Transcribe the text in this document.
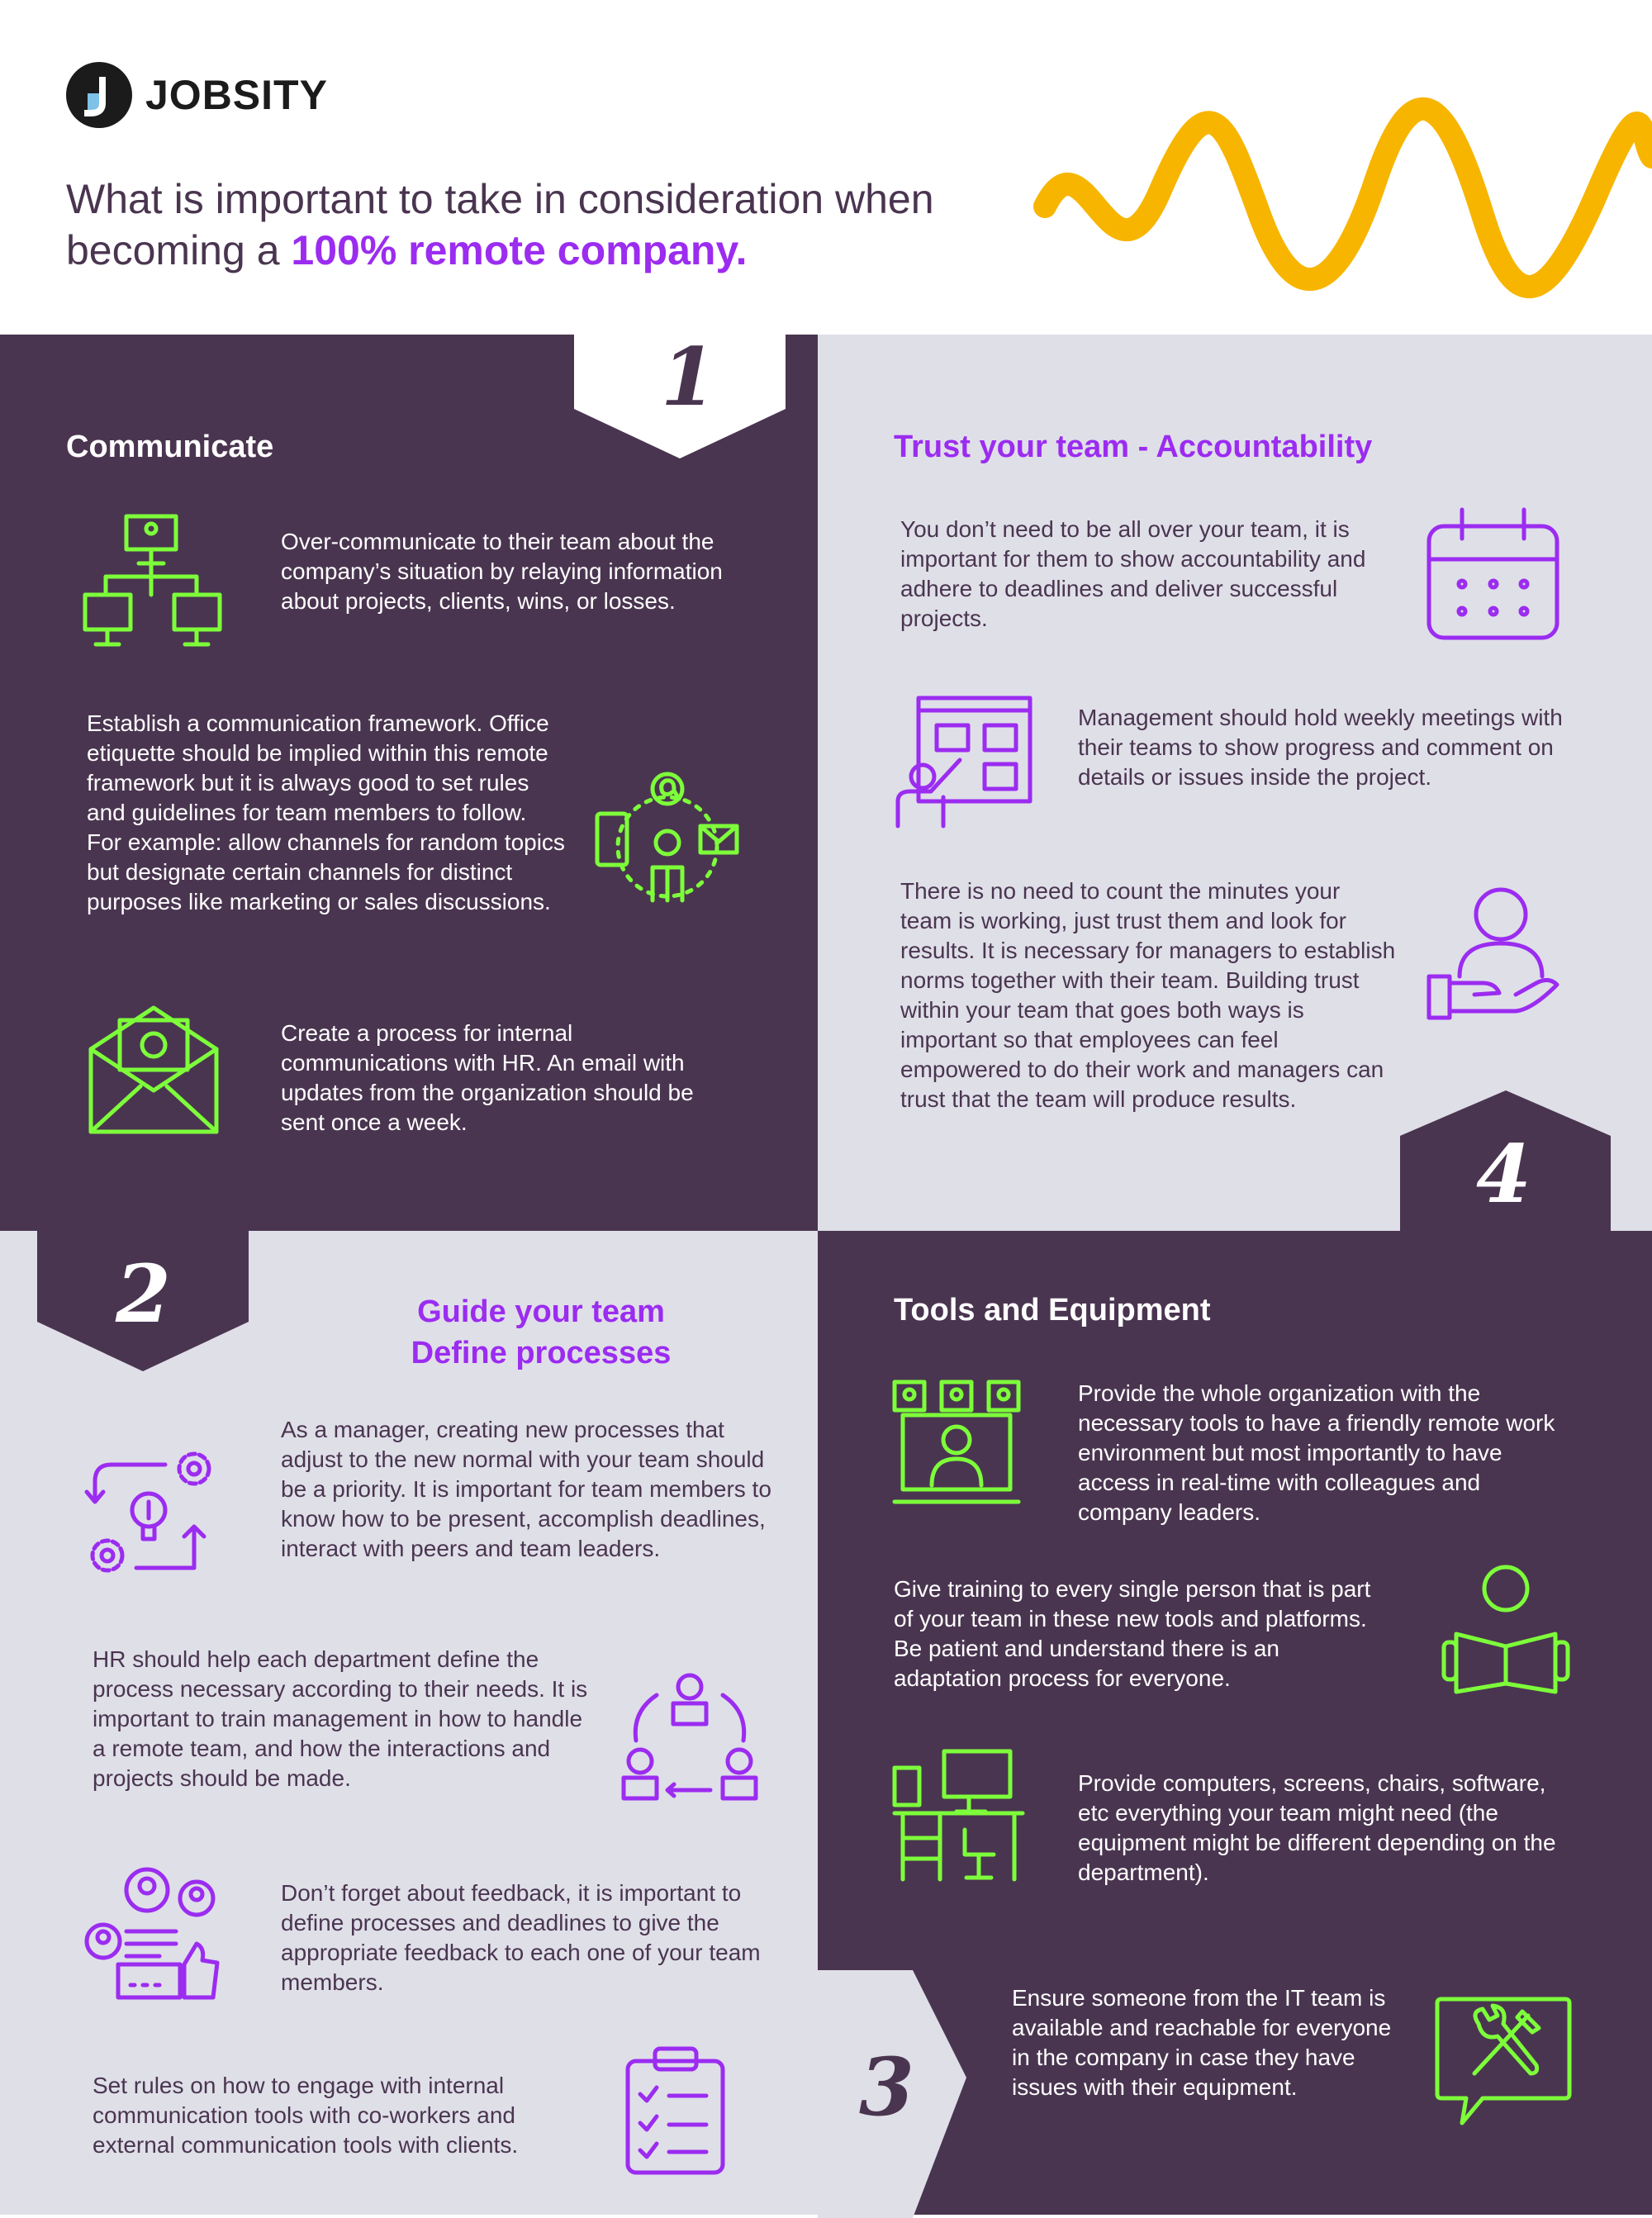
JOBSITY
What is important to take in consideration when
becoming a 100% remote company.
1
4
2
3
Communicate
Over-communicate to their team about the company’s situation by relaying information about projects, clients, wins, or losses.
Establish a communication framework. Office etiquette should be implied within this remote framework but it is always good to set rules and guidelines for team members to follow. For example: allow channels for random topics but designate certain channels for distinct purposes like marketing or sales discussions.
Create a process for internal communications with HR. An email with updates from the organization should be sent once a week.
Trust your team - Accountability
You don’t need to be all over your team, it is important for them to show accountability and adhere to deadlines and deliver successful projects.
Management should hold weekly meetings with their teams to show progress and comment on details or issues inside the project.
There is no need to count the minutes your team is working, just trust them and look for results. It is necessary for managers to establish norms together with their team. Building trust within your team that goes both ways is important so that employees can feel empowered to do their work and managers can trust that the team will produce results.
Guide your team
Define processes
As a manager, creating new processes that adjust to the new normal with your team should be a priority. It is important for team members to know how to be present, accomplish deadlines, interact with peers and team leaders.
HR should help each department define the process necessary according to their needs. It is important to train management in how to handle a remote team, and how the interactions and projects should be made.
Don’t forget about feedback, it is important to define processes and deadlines to give the appropriate feedback to each one of your team members.
Set rules on how to engage with internal communication tools with co-workers and external communication tools with clients.
Tools and Equipment
Provide the whole organization with the necessary tools to have a friendly remote work environment but most importantly to have access in real-time with colleagues and company leaders.
Give training to every single person that is part of your team in these new tools and platforms. Be patient and understand there is an adaptation process for everyone.
Provide computers, screens, chairs, software, etc everything your team might need (the equipment might be different depending on the department).
Ensure someone from the IT team is available and reachable for everyone in the company in case they have issues with their equipment.
